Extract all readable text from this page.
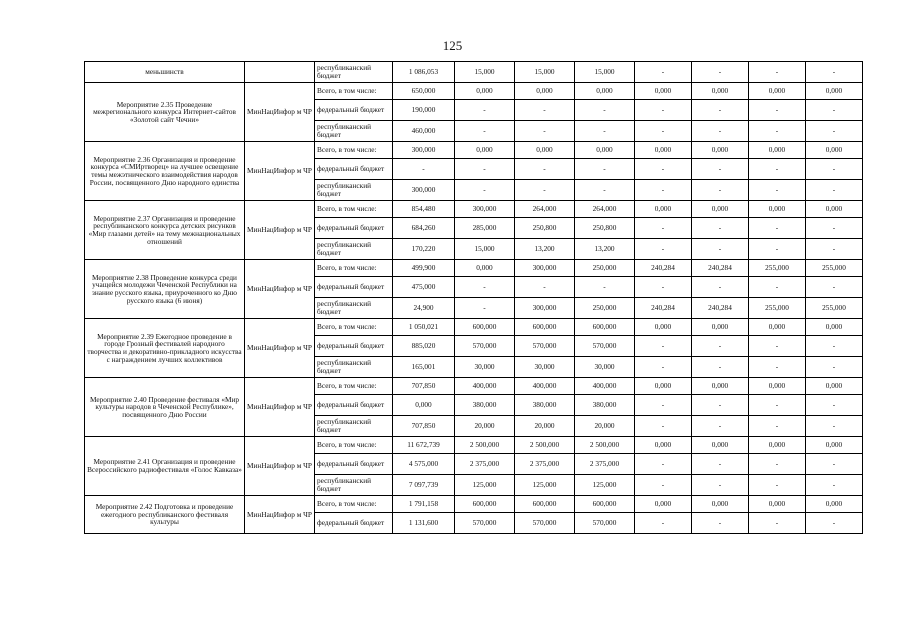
125
меньшинств		республиканский бюджет	1 086,053	15,000	15,000	15,000	-	-	-	-
Мероприятие 2.35 Проведение межрегионального конкурса Интернет-сайтов «Золотой сайт Чечни»	МинНацИнфор м ЧР	Всего, в том числе:	650,000	0,000	0,000	0,000	0,000	0,000	0,000	0,000
		федеральный бюджет	190,000	-	-	-	-	-	-	-
		республиканский бюджет	460,000	-	-	-	-	-	-	-
Мероприятие 2.36 Организация и проведение конкурса «СМИртворец» на лучшее освещение темы межэтнического взаимодействия народов России, посвященного Дню народного единства	МинНацИнфор м ЧР	Всего, в том числе:	300,000	0,000	0,000	0,000	0,000	0,000	0,000	0,000
		федеральный бюджет	-	-	-	-	-	-	-	-
		республиканский бюджет	300,000	-	-	-	-	-	-	-
Мероприятие 2.37 Организация и проведение республиканского конкурса детских рисунков «Мир глазами детей» на тему межнациональных отношений	МинНацИнфор м ЧР	Всего, в том числе:	854,480	300,000	264,000	264,000	0,000	0,000	0,000	0,000
		федеральный бюджет	684,260	285,000	250,800	250,800	-	-	-	-
		республиканский бюджет	170,220	15,000	13,200	13,200	-	-	-	-
Мероприятие 2.38 Проведение конкурса среди учащейся молодежи Чеченской Республики на знание русского языка, приуроченного ко Дню русского языка (6 июня)	МинНацИнфор м ЧР	Всего, в том числе:	499,900	0,000	300,000	250,000	240,284	240,284	255,000	255,000
		федеральный бюджет	475,000	-	-	-	-	-	-	-
		республиканский бюджет	24,900	-	300,000	250,000	240,284	240,284	255,000	255,000
Мероприятие 2.39 Ежегодное проведение в городе Грозный фестивалей народного творчества и декоративно-прикладного искусства с награждением лучших коллективов	МинНацИнфор м ЧР	Всего, в том числе:	1 050,021	600,000	600,000	600,000	0,000	0,000	0,000	0,000
		федеральный бюджет	885,020	570,000	570,000	570,000	-	-	-	-
		республиканский бюджет	165,001	30,000	30,000	30,000	-	-	-	-
Мероприятие 2.40 Проведение фестиваля «Мир культуры народов в Чеченской Республике», посвященного Дню России	МинНацИнфор м ЧР	Всего, в том числе:	707,850	400,000	400,000	400,000	0,000	0,000	0,000	0,000
		федеральный бюджет	0,000	380,000	380,000	380,000	-	-	-	-
		республиканский бюджет	707,850	20,000	20,000	20,000	-	-	-	-
Мероприятие 2.41 Организация и проведение Всероссийского радиофестиваля «Голос Кавказа»	МинНацИнфор м ЧР	Всего, в том числе:	11 672,739	2 500,000	2 500,000	2 500,000	0,000	0,000	0,000	0,000
		федеральный бюджет	4 575,000	2 375,000	2 375,000	2 375,000	-	-	-	-
		республиканский бюджет	7 097,739	125,000	125,000	125,000	-	-	-	-
Мероприятие 2.42 Подготовка и проведение ежегодного республиканского фестиваля культуры	МинНацИнфор м ЧР	Всего, в том числе:	1 791,158	600,000	600,000	600,000	0,000	0,000	0,000	0,000
		федеральный бюджет	1 131,600	570,000	570,000	570,000	-	-	-	-
